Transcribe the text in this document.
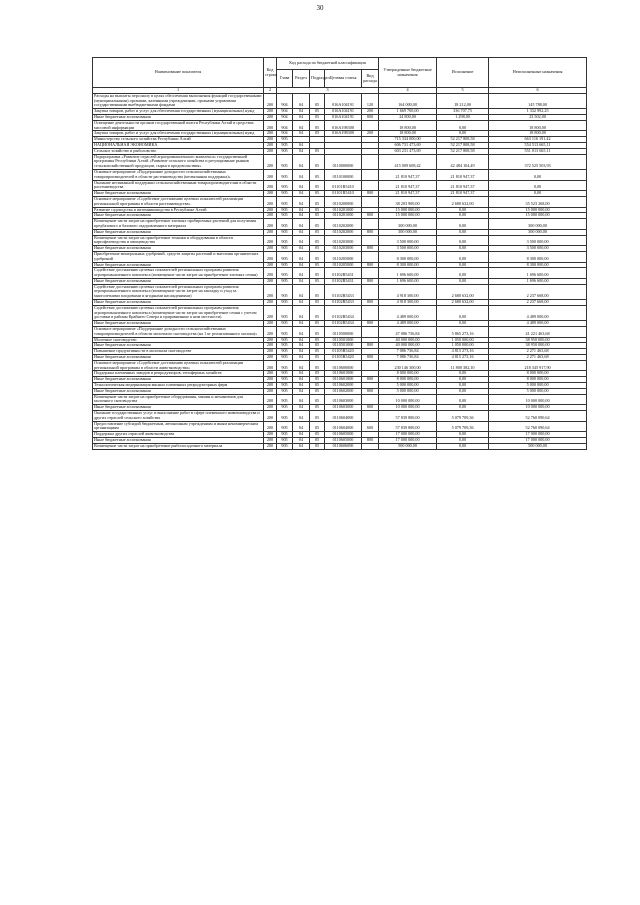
30
Наименование показателя	Код строки	Код расхода по бюджетной классификации					Утвержденные бюджетные назначения	Исполнение	Неисполненные назначения
		Глава	Раздел	Подраздел	Целевая статья	Вид расхода			
1	2	3					4	5	6
Расходы на выплаты персоналу в целях обеспечения выполнения функций государственными (муниципальными) органами, казенными учреждениями, органами управления государственными внебюджетными фондами	200	904	04	05	016A104191	120	164 000,00	18 212,00	145 788,00
Закупка товаров, работ и услуг для обеспечения государственных (муниципальных) нужд	200	904	04	05	016A104191	200	1 669 700,00	336 707,75	1 332 992,25
Иные бюджетные ассигнования	200	904	04	05	016A104191	800	24 800,00	1 298,00	23 502,00
Освещение деятельности органов государственной власти Республики Алтай в средствах массовой информации	200	904	04	05	016A198300		18 800,00	0,00	18 800,00
Закупка товаров, работ и услуг для обеспечения государственных (муниципальных) нужд	200	904	04	05	016A198300	200	18 800,00	0,00	18 800,00
Министерство сельского хозяйства Республики Алтай	200	905					715 334 000,00	52 217 808,58	663 116 191,42
НАЦИОНАЛЬНАЯ ЭКОНОМИКА	200	905	04				606 731 473,69	52 217 808,58	554 513 665,11
Сельское хозяйство и рыболовство	200	905	04	05			603 231 473,69	52 217 808,58	551 013 665,11
Подпрограмма «Развитие отраслей агропромышленного комплекса» государственной программы Республики Алтай «Развитие сельского хозяйства и регулирование рынков сельскохозяйственной продукции, сырья и продовольствия»	200	905	04	05	0110000000		415 009 608,42	42 484 104,49	372 525 503,93
Основное мероприятие «Поддержание доходности сельскохозяйственных товаропроизводителей в области растениеводства (несвязанная поддержка)»	200	905	04	05	0110100000		21 810 947,37	21 810 947,37	0,00
Оказание несвязанной поддержки сельскохозяйственным товаропроизводителям в области растениеводства	200	905	04	05	01101R5410		21 810 947,37	21 810 947,37	0,00
Иные бюджетные ассигнования	200	905	04	05	01101R5410	800	21 810 947,37	21 810 947,37	0,00
Основное мероприятие «Содействие достижению целевых показателей реализации региональной программы в области растениеводства»	200	905	04	05	0110200000		38 203 900,00	2 680 632,00	35 523 268,00
Развитие садоводства и питомниководства в Республике Алтай	200	905	04	05	0110201000		15 000 000,00	0,00	15 000 000,00
Иные бюджетные ассигнования	200	905	04	05	0110201000	800	15 000 000,00	0,00	15 000 000,00
Возмещение части затрат на приобретение элитных пробирочных растений для получения предбазового и базового оздоровленного материала	200	905	04	05	0110202000		300 000,00	0,00	300 000,00
Иные бюджетные ассигнования	200	905	04	05	0110202000	800	300 000,00	0,00	300 000,00
Возмещение части затрат на приобретение техники и оборудования в области картофелеводства и овощеводства	200	905	04	05	0110203000		3 500 000,00	0,00	3 500 000,00
Иные бюджетные ассигнования	200	905	04	05	0110203000	800	3 500 000,00	0,00	3 500 000,00
Приобретение минеральных удобрений, средств защиты растений и внесения органических удобрений	200	905	04	05	0110205000		8 300 000,00	0,00	8 300 000,00
Иные бюджетные ассигнования	200	905	04	05	0110205000	800	8 300 000,00	0,00	8 300 000,00
Содействие достижению целевых показателей региональных программ развития агропромышленного комплекса (возмещение части затрат на приобретение элитных семян)	200	905	04	05	01102R5431		1 696 600,00	0,00	1 696 600,00
Иные бюджетные ассигнования	200	905	04	05	01102R5431	800	1 696 600,00	0,00	1 696 600,00
Содействие достижению целевых показателей региональных программ развития агропромышленного комплекса (возмещение части затрат на закладку и уход за многолетними плодовыми и ягодными насаждениями)	200	905	04	05	01102R5433		4 918 300,00	2 680 632,00	2 237 668,00
Иные бюджетные ассигнования	200	905	04	05	01102R5433	800	4 918 300,00	2 680 632,00	2 237 668,00
Содействие достижению целевых показателей региональных программ развития агропромышленного комплекса (возмещение части затрат на приобретение семян с учетом доставки в районы Крайнего Севера и приравненные к ним местности)	200	905	04	05	01102R5434		4 489 000,00	0,00	4 489 000,00
Иные бюджетные ассигнования	200	905	04	05	01102R5434	800	4 489 000,00	0,00	4 489 000,00
Основное мероприятие «Поддержание доходности сельскохозяйственных товаропроизводителей в области молочного скотоводства (на 1 кг реализованного молока)»	200	905	04	05	0110500000		47 086 736,84	5 865 273,16	41 221 463,68
Молочное скотоводство	200	905	04	05	0110501000		40 000 000,00	1 050 000,00	38 950 000,00
Иные бюджетные ассигнования	200	905	04	05	0110501000	800	40 000 000,00	1 050 000,00	38 950 000,00
Повышение продуктивности в молочном скотоводстве	200	905	04	05	01105R5420		7 086 736,84	4 815 273,16	2 271 463,68
Иные бюджетные ассигнования	200	905	04	05	01105R5420	800	7 086 736,84	4 815 273,16	2 271 463,68
Основное мероприятие «Содействие достижению целевых показателей реализации региональной программы в области животноводства»	200	905	04	05	0110600000		230 146 300,00	11 800 382,10	218 345 917,90
Поддержка племенных заводов и репродукторов, тепофермых хозяйств	200	905	04	05	0110601000		8 000 000,00	0,00	8 000 000,00
Иные бюджетные ассигнования	200	905	04	05	0110601000	800	8 000 000,00	0,00	8 000 000,00
Технологическая модернизация мясных племенных репродукторных ферм	200	905	04	05	0110602000		5 000 000,00	0,00	5 000 000,00
Иные бюджетные ассигнования	200	905	04	05	0110602000	800	5 000 000,00	0,00	5 000 000,00
Возмещение части затрат на приобретение оборудования, машин и механизмов для молочного скотоводства	200	905	04	05	0110603000		10 000 000,00	0,00	10 000 000,00
Иные бюджетные ассигнования	200	905	04	05	0110603000	800	10 000 000,00	0,00	10 000 000,00
Оказание государственных услуг и выполнение работ в сфере племенного животноводства и других отраслей сельского хозяйства	200	905	04	05	0110604000		57 839 800,00	5 079 709,36	52 760 090,64
Предоставление субсидий бюджетным, автономным учреждениям и иным некоммерческим организациям	200	905	04	05	0110604000	600	57 839 800,00	5 079 709,36	52 760 090,64
Поддержка других отраслей животноводства	200	905	04	05	0110605000		17 000 000,00	0,00	17 000 000,00
Иные бюджетные ассигнования	200	905	04	05	0110605000	800	17 000 000,00	0,00	17 000 000,00
Возмещение части затрат на приобретение рыбопосадочного материала	200	905	04	05	0110606000		500 000,00	0,00	500 000,00
